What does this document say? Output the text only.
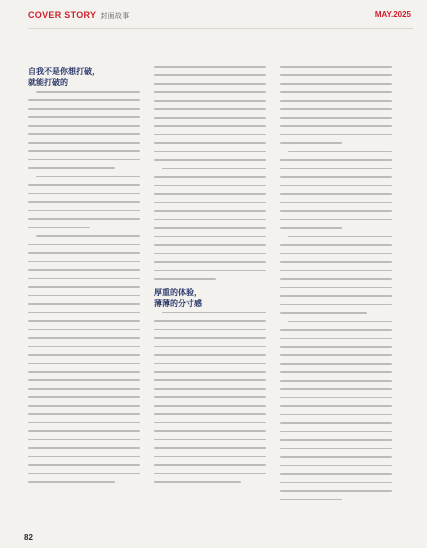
COVER STORY 封面故事	MAY.2025
自我不是你想打破，
就能打破的
厚重的体验，
薄薄的分寸感
82
